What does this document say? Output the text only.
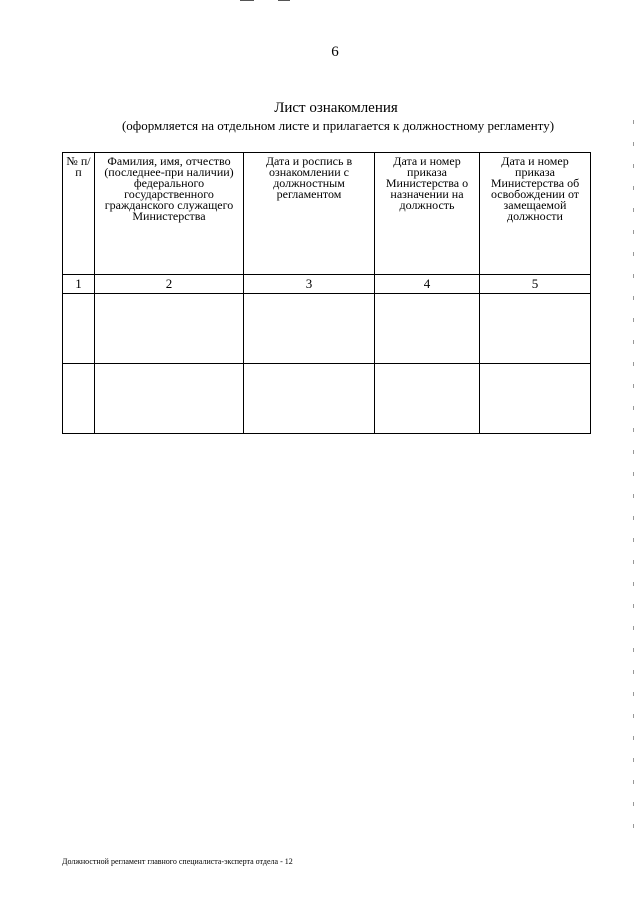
6
Лист ознакомления
(оформляется на отдельном листе и прилагается к должностному регламенту)
№ п/п	Фамилия, имя, отчество (последнее-при наличии) федерального государственного гражданского служащего Министерства	Дата и роспись в ознакомлении с должностным регламентом	Дата и номер приказа Министерства о назначении на должность	Дата и номер приказа Министерства об освобождении от замещаемой должности
1	2	3	4	5

Должностной регламент главного специалиста-эксперта отдела - 12
